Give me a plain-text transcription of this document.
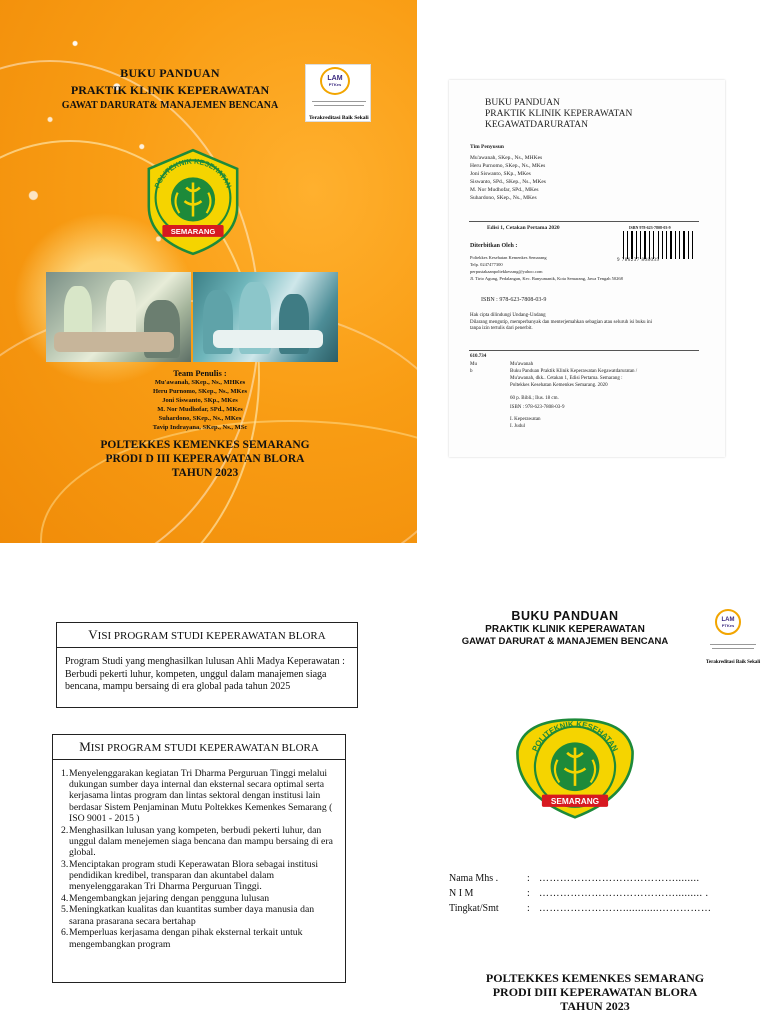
BUKU PANDUAN
PRAKTIK KLINIK KEPERAWATAN
GAWAT DARURAT& MANAJEMEN BENCANA
LAM
PTKes
Terakreditasi Baik Sekali
POLITEKNIK KESEHATAN
SEMARANG
Team Penulis :
Mu'awanah, SKep., Ns., MHKes
Heru Purnomo, SKep., Ns., MKes
Joni Siswanto, SKp., MKes
M. Nor Mudhofar, SPd., MKes
Suhardono, SKep., Ns., MKes
Tavip Indrayana, SKep., Ns., MSc
POLTEKKES KEMENKES SEMARANG
PRODI D III KEPERAWATAN BLORA
TAHUN 2023
BUKU PANDUAN
PRAKTIK KLINIK KEPERAWATAN
KEGAWATDARURATAN
Tim Penyusun
Mu'awanah, SKep., Ns., MHKes
Heru Purnomo, SKep., Ns., MKes
Joni Siswanto, SKp., MKes
Siswanto, SPd., SKep., Ns., MKes
M. Nor Mudhofar, SPd., MKes
Suhardono, SKep., Ns., MKes
Edisi 1, Cetakan Pertama 2020	ISBN 978-623-7808-03-9
Diterbitkan Oleh :
Poltekkes Kesehatan Kemenkes Semarang
Telp. 0247477300
perpustakaanpoltekkessmg@yahoo.com
Jl. Tirto Agung, Pedalangan, Kec. Banyumanik, Kota Semarang, Jawa Tengah 50268
9 786237 808039
ISBN : 978-623-7808-03-9
Hak cipta dilindungi Undang-Undang
Dilarang mengutip, memperbanyak dan menterjemahkan sebagian atau seluruh isi buku ini
tanpa izin tertulis dari penerbit.
610.734
Mu	Mu'awanah
b	Buku Panduan Praktik Klinik Keperawatan Kegawatdaruratan /
Mu'awanah, dkk.. Cetakan 1, Edisi Pertama. Semarang :
Poltekkes Kesehatan Kemenkes Semarang. 2020
60 p. Bibli.; Ilus. 18 cm.
ISBN : 978-623-7808-03-9
I. Keperawatan
I. Judul
VISI PROGRAM STUDI KEPERAWATAN BLORA
Program Studi yang menghasilkan lulusan Ahli Madya Keperawatan : Berbudi pekerti luhur, kompeten, unggul dalam manajemen siaga bencana, mampu bersaing di era global pada tahun 2025
MISI PROGRAM STUDI KEPERAWATAN BLORA
1. Menyelenggarakan kegiatan Tri Dharma Perguruan Tinggi melalui dukungan sumber daya internal dan eksternal secara optimal serta kerjasama lintas program dan lintas sektoral dengan institusi lain berdasar Sistem Penjaminan Mutu Poltekkes Kemenkes Semarang ( ISO 9001 - 2015 )
2. Menghasilkan lulusan yang kompeten, berbudi pekerti luhur, dan unggul dalam menejemen siaga bencana dan mampu bersaing di era global.
3. Menciptakan program studi Keperawatan Blora sebagai institusi pendidikan kredibel, transparan dan akuntabel dalam menyelenggarakan Tri Dharma Perguruan Tinggi.
4. Mengembangkan jejaring dengan pengguna lulusan
5. Meningkatkan kualitas dan kuantitas sumber daya manusia dan sarana prasarana secara bertahap
6. Memperluas kerjasama dengan pihak eksternal terkait untuk mengembangkan program
BUKU PANDUAN
PRAKTIK KLINIK KEPERAWATAN
GAWAT DARURAT & MANAJEMEN BENCANA
LAM
PTKes
Terakreditasi Baik Sekali
POLITEKNIK KESEHATAN
SEMARANG
Nama Mhs .	: …………………………………........
N I M	: …………………………………......... .
Tingkat/Smt	: ……………………............……………
POLTEKKES KEMENKES SEMARANG
PRODI DIII KEPERAWATAN BLORA
TAHUN 2023
